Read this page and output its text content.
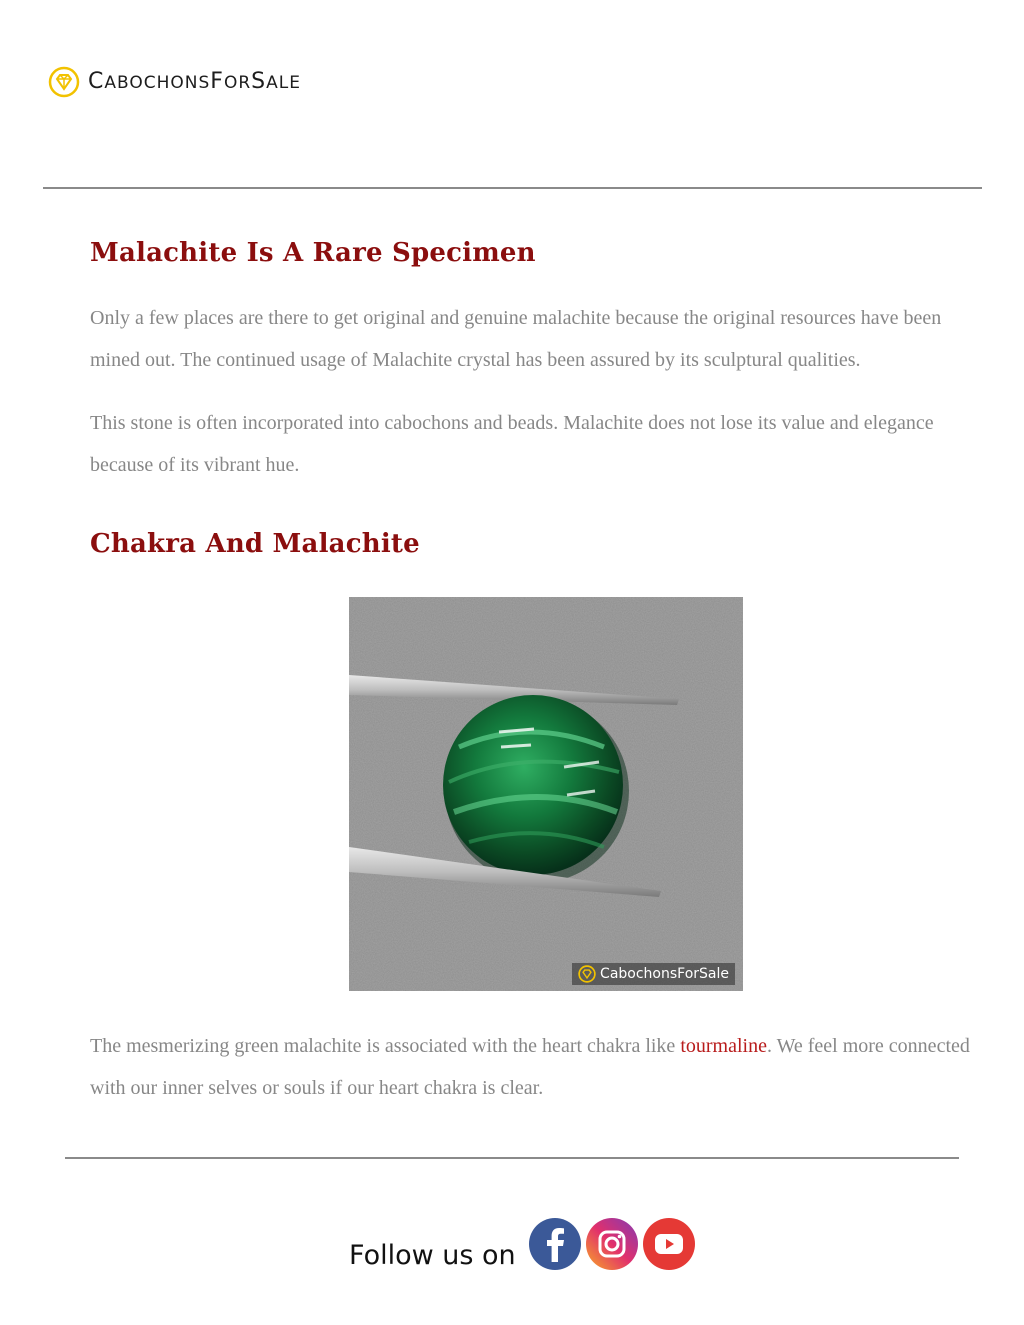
CABOCHONSFORSALE
Malachite Is A Rare Specimen

Only a few places are there to get original and genuine malachite because the original resources have been mined out. The continued usage of Malachite crystal has been assured by its sculptural qualities.

This stone is often incorporated into cabochons and beads. Malachite does not lose its value and elegance because of its vibrant hue.

Chakra And Malachite
CabochonsForSale

The mesmerizing green malachite is associated with the heart chakra like tourmaline. We feel more connected with our inner selves or souls if our heart chakra is clear.

Follow us on
